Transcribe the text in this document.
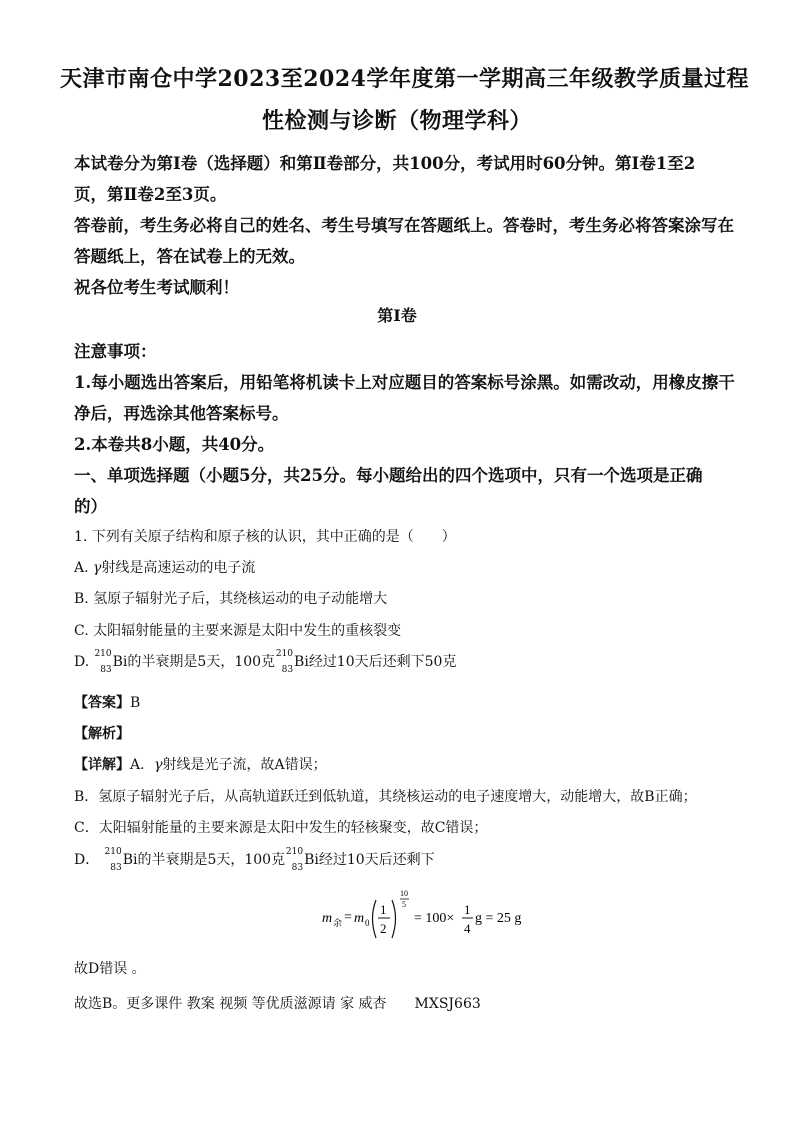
天津市南仓中学2023至2024学年度第一学期高三年级教学质量过程
性检测与诊断（物理学科）
本试卷分为第Ⅰ卷（选择题）和第Ⅱ卷部分，共100分，考试用时60分钟。第Ⅰ卷1至2
页，第Ⅱ卷2至3页。
答卷前，考生务必将自己的姓名、考生号填写在答题纸上。答卷时，考生务必将答案涂写在
答题纸上，答在试卷上的无效。
祝各位考生考试顺利！
第Ⅰ卷
注意事项：
1.每小题选出答案后，用铅笔将机读卡上对应题目的答案标号涂黑。如需改动，用橡皮擦干
净后，再选涂其他答案标号。
2.本卷共8小题，共40分。
一、单项选择题（小题5分，共25分。每小题给出的四个选项中，只有一个选项是正确
的）
1. 下列有关原子结构和原子核的认识，其中正确的是（　　）
A. γ射线是高速运动的电子流
B. 氢原子辐射光子后，其绕核运动的电子动能增大
C. 太阳辐射能量的主要来源是太阳中发生的重核裂变
D. 210
83 Bi的半衰期是5天，100克 210
83 Bi经过10天后还剩下50克
【答案】B
【解析】
【详解】A．γ射线是光子流，故A错误；
B．氢原子辐射光子后，从高轨道跃迁到低轨道，其绕核运动的电子速度增大，动能增大，故B正确；
C．太阳辐射能量的主要来源是太阳中发生的轻核聚变，故C错误；
D． 210
83 Bi的半衰期是5天，100克 210
83 Bi经过10天后还剩下
m 余 = m 0
1
2
10
5
= 100×
1
4
g = 25 g
故D错误 。
故选B。更多课件 教案 视频 等优质滋源请 家 威杏　　MXSJ663
